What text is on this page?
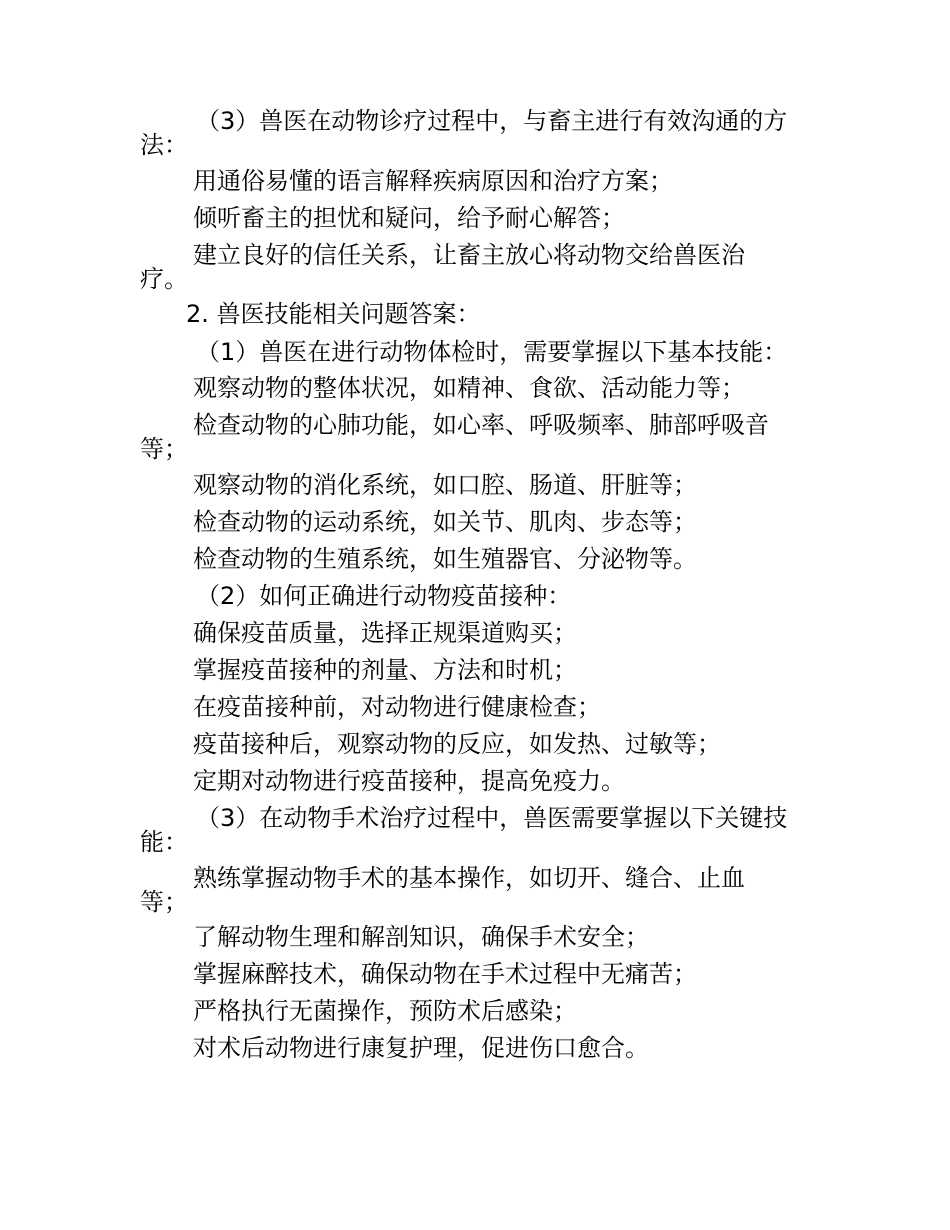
（3）兽医在动物诊疗过程中，与畜主进行有效沟通的方

法：

用通俗易懂的语言解释疾病原因和治疗方案；

倾听畜主的担忧和疑问，给予耐心解答；

建立良好的信任关系，让畜主放心将动物交给兽医治

疗。

2. 兽医技能相关问题答案：

（1）兽医在进行动物体检时，需要掌握以下基本技能：

观察动物的整体状况，如精神、食欲、活动能力等；

检查动物的心肺功能，如心率、呼吸频率、肺部呼吸音

等；

观察动物的消化系统，如口腔、肠道、肝脏等；

检查动物的运动系统，如关节、肌肉、步态等；

检查动物的生殖系统，如生殖器官、分泌物等。

（2）如何正确进行动物疫苗接种：

确保疫苗质量，选择正规渠道购买；

掌握疫苗接种的剂量、方法和时机；

在疫苗接种前，对动物进行健康检查；

疫苗接种后，观察动物的反应，如发热、过敏等；

定期对动物进行疫苗接种，提高免疫力。

（3）在动物手术治疗过程中，兽医需要掌握以下关键技

能：

熟练掌握动物手术的基本操作，如切开、缝合、止血

等；

了解动物生理和解剖知识，确保手术安全；

掌握麻醉技术，确保动物在手术过程中无痛苦；

严格执行无菌操作，预防术后感染；

对术后动物进行康复护理，促进伤口愈合。
